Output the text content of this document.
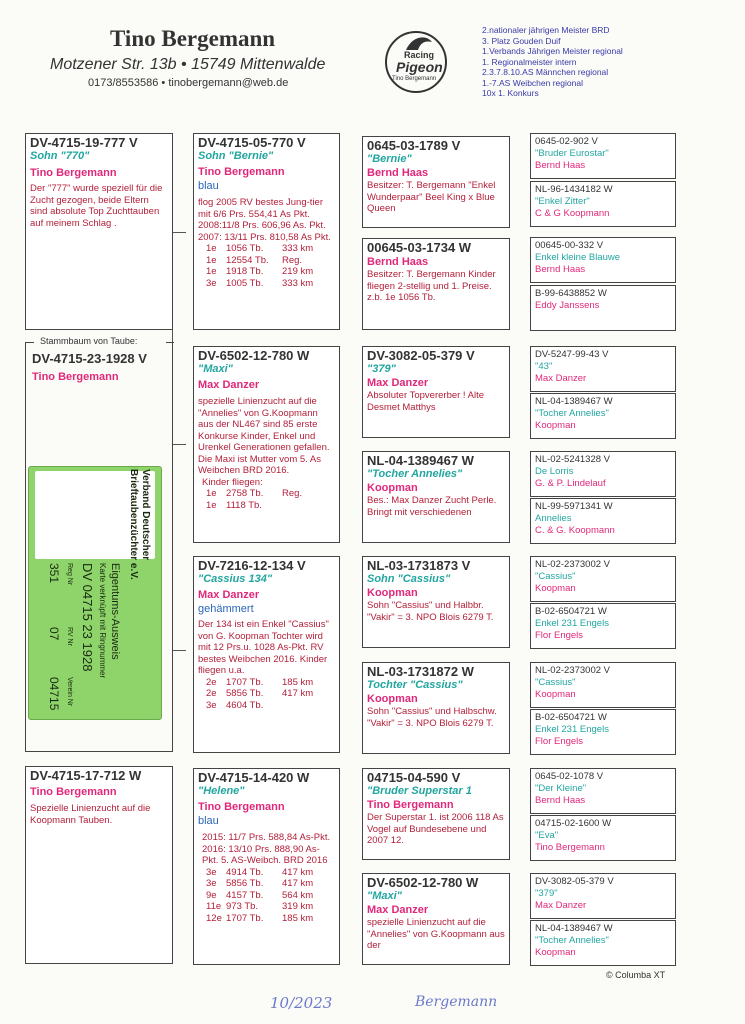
Tino Bergemann
Motzener Str. 13b • 15749 Mittenwalde
0173/8553586 • tinobergemann@web.de
Racing
Pigeon
Tino Bergemann
2.nationaler jährigen Meister BRD
3. Platz Gouden Duif
1.Verbands Jährigen Meister regional
1. Regionalmeister intern
2.3.7.8.10.AS Männchen regional
1.-7.AS Weibchen regional
10x 1. Konkurs
DV-4715-19-777 V
Sohn "770"
Tino Bergemann
Der "777" wurde speziell für die Zucht gezogen, beide Eltern sind absolute Top Zuchttauben auf meinem Schlag .
Stammbaum von Taube:
DV-4715-23-1928 V
Tino Bergemann
Verband Deutscher
Brieftaubenzüchter e.V.
Eigentums-Ausweis
Karte verknüpft mit Ringnummer
DV 04715 23 1928
Reg Nr
RV Nr
Verein Nr
351
07
04715
DV-4715-17-712 W
Tino Bergemann
Spezielle Linienzucht auf die Koopmann Tauben.
DV-4715-05-770 V
Sohn "Bernie"
Tino Bergemann
blau
flog 2005 RV bestes Jung-tier mit 6/6 Prs. 554,41 As Pkt. 2008:11/8 Prs. 606,96 As. Pkt. 2007: 13/11 Prs. 810,58 As Pkt.
1e 1056 Tb.	333 km
1e 12554 Tb.	Reg.
1e 1918 Tb.	219 km
3e 1005 Tb.	333 km
DV-6502-12-780 W
"Maxi"
Max Danzer
spezielle Linienzucht auf die "Annelies" von G.Koopmann aus der NL467 sind 85 erste Konkurse Kinder, Enkel und Urenkel Generationen gefallen. Die Maxi ist Mutter vom 5. As Weibchen BRD 2016.
Kinder fliegen:
1e 2758 Tb.	Reg.
1e 1118 Tb.
DV-7216-12-134 V
"Cassius 134"
Max Danzer
gehämmert
Der 134 ist ein Enkel "Cassius" von G. Koopman Tochter wird mit 12 Prs.u. 1028 As-Pkt. RV bestes Weibchen 2016. Kinder fliegen u.a.
2e 1707 Tb.	185 km
2e 5856 Tb.	417 km
3e 4604 Tb.
DV-4715-14-420 W
"Helene"
Tino Bergemann
blau
2015: 11/7 Prs. 588,84 As-Pkt. 2016: 13/10 Prs. 888,90 As-Pkt. 5. AS-Weibch. BRD 2016
3e 4914 Tb.	417 km
3e 5856 Tb.	417 km
9e 4157 Tb.	564 km
11e 973 Tb.	319 km
12e 1707 Tb.	185 km
0645-03-1789 V
"Bernie"
Bernd Haas
Besitzer: T. Bergemann "Enkel Wunderpaar" Beel King x Blue Queen
00645-03-1734 W
Bernd Haas
Besitzer: T. Bergemann Kinder fliegen 2-stellig und 1. Preise. z.b. 1e 1056 Tb.
DV-3082-05-379 V
"379"
Max Danzer
Absoluter Topvererber ! Alte Desmet Matthys
NL-04-1389467 W
"Tocher Annelies"
Koopman
Bes.: Max Danzer Zucht Perle. Bringt mit verschiedenen
NL-03-1731873 V
Sohn "Cassius"
Koopman
Sohn "Cassius" und Halbbr. "Vakir" = 3. NPO Blois 6279 T.
NL-03-1731872 W
Tochter "Cassius"
Koopman
Sohn "Cassius" und Halbschw. "Vakir" = 3. NPO Blois 6279 T.
04715-04-590 V
"Bruder Superstar 1
Tino Bergemann
Der Superstar 1. ist 2006 118 As Vogel auf Bundesebene und 2007 12.
DV-6502-12-780 W
"Maxi"
Max Danzer
spezielle Linienzucht auf die "Annelies" von G.Koopmann aus der
0645-02-902 V
"Bruder Eurostar"
Bernd Haas
NL-96-1434182 W
"Enkel Zitter"
C & G Koopmann
00645-00-332 V
Enkel kleine Blauwe
Bernd Haas
B-99-6438852 W
Eddy Janssens
DV-5247-99-43 V
"43"
Max Danzer
NL-04-1389467 W
"Tocher Annelies"
Koopman
NL-02-5241328 V
De Lorris
G. & P. Lindelauf
NL-99-5971341 W
Annelies
C. & G. Koopmann
NL-02-2373002 V
"Cassius"
Koopman
B-02-6504721 W
Enkel 231 Engels
Flor Engels
NL-02-2373002 V
"Cassius"
Koopman
B-02-6504721 W
Enkel 231 Engels
Flor Engels
0645-02-1078 V
"Der Kleine"
Bernd Haas
04715-02-1600 W
"Eva"
Tino Bergemann
DV-3082-05-379 V
"379"
Max Danzer
NL-04-1389467 W
"Tocher Annelies"
Koopman
© Columba XT
10/2023	Bergemann
